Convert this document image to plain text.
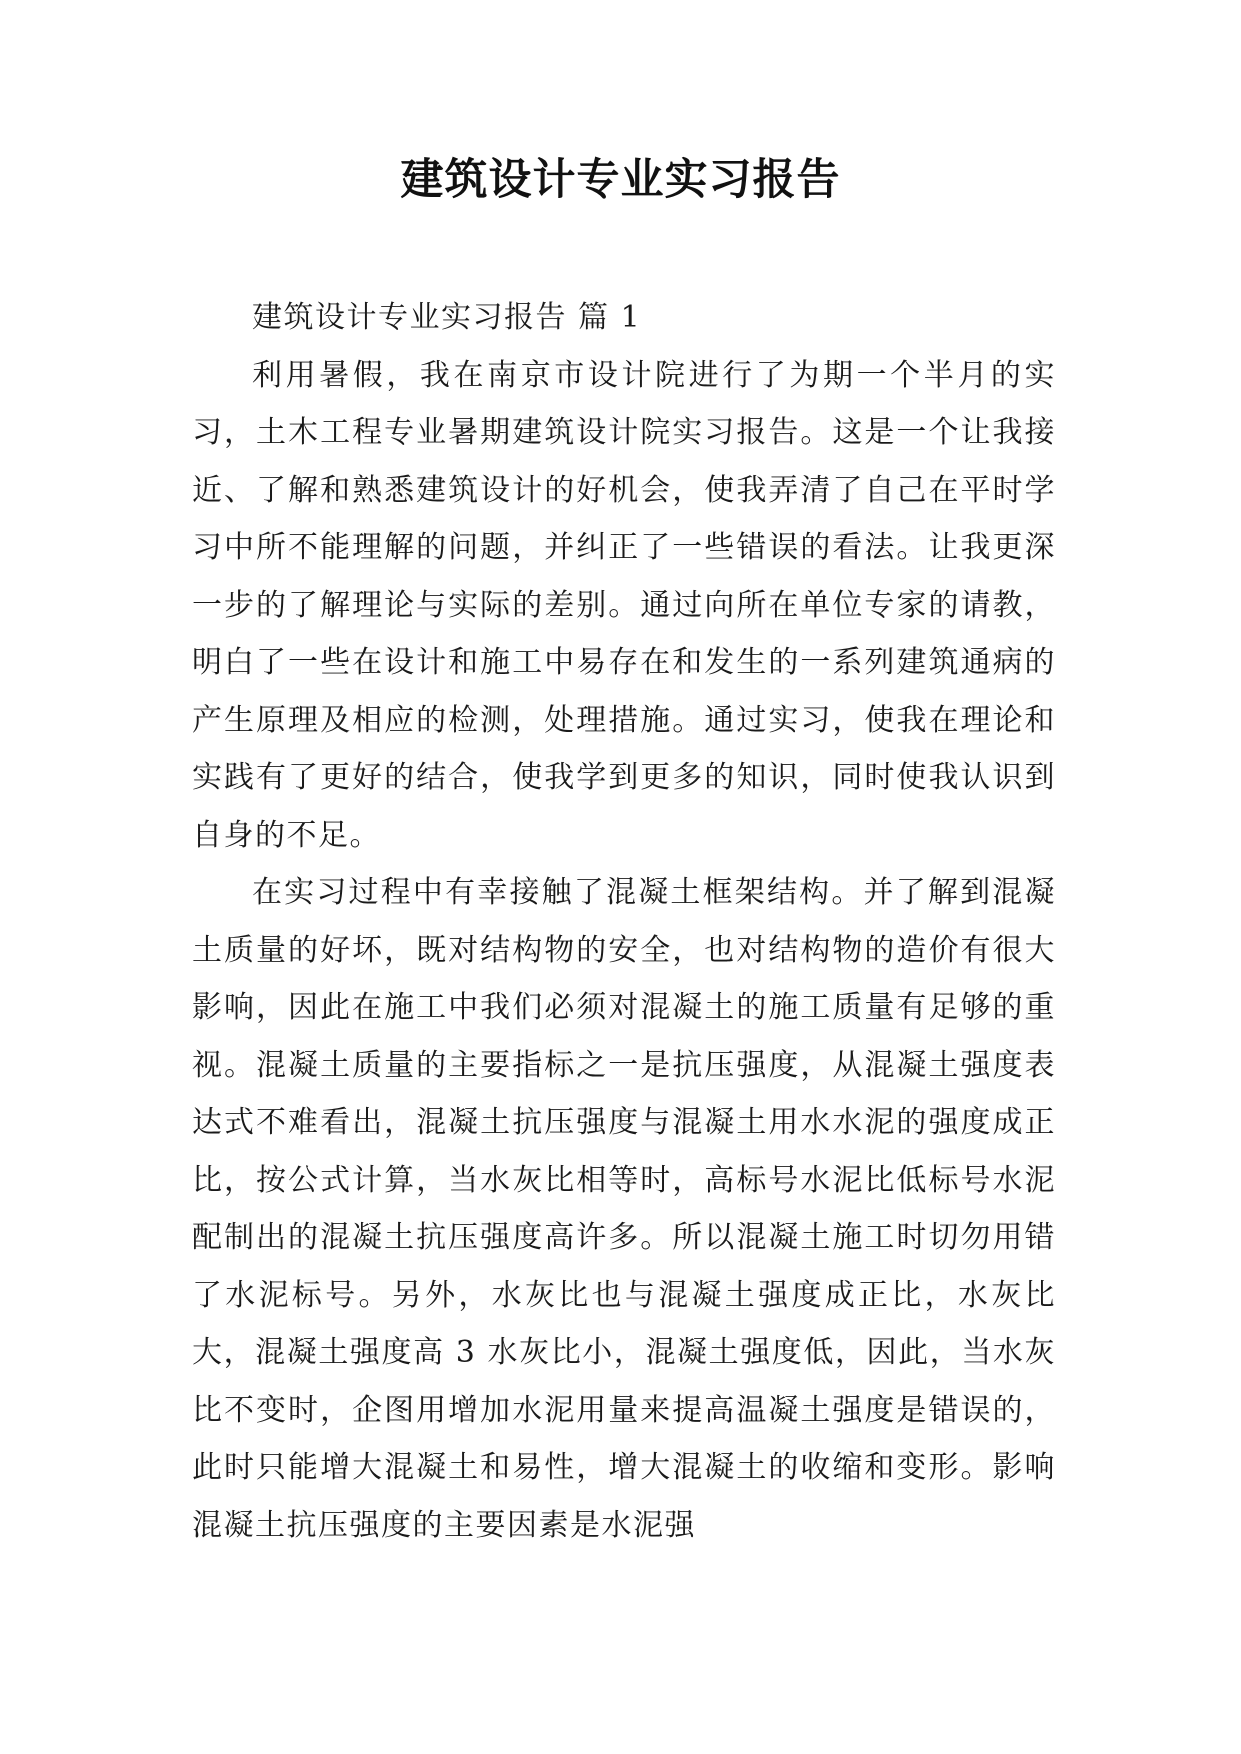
建筑设计专业实习报告

建筑设计专业实习报告 篇 1

利用暑假，我在南京市设计院进行了为期一个半月的实习，土木工程专业暑期建筑设计院实习报告。这是一个让我接近、了解和熟悉建筑设计的好机会，使我弄清了自己在平时学习中所不能理解的问题，并纠正了一些错误的看法。让我更深一步的了解理论与实际的差别。通过向所在单位专家的请教，明白了一些在设计和施工中易存在和发生的一系列建筑通病的产生原理及相应的检测，处理措施。通过实习，使我在理论和实践有了更好的结合，使我学到更多的知识，同时使我认识到自身的不足。

在实习过程中有幸接触了混凝土框架结构。并了解到混凝土质量的好坏，既对结构物的安全，也对结构物的造价有很大影响，因此在施工中我们必须对混凝土的施工质量有足够的重视。混凝土质量的主要指标之一是抗压强度，从混凝土强度表达式不难看出，混凝土抗压强度与混凝土用水水泥的强度成正比，按公式计算，当水灰比相等时，高标号水泥比低标号水泥配制出的混凝土抗压强度高许多。所以混凝土施工时切勿用错了水泥标号。另外，水灰比也与混凝土强度成正比，水灰比大，混凝土强度高 3 水灰比小，混凝土强度低，因此，当水灰比不变时，企图用增加水泥用量来提高温凝土强度是错误的，此时只能增大混凝土和易性，增大混凝土的收缩和变形。影响混凝土抗压强度的主要因素是水泥强
